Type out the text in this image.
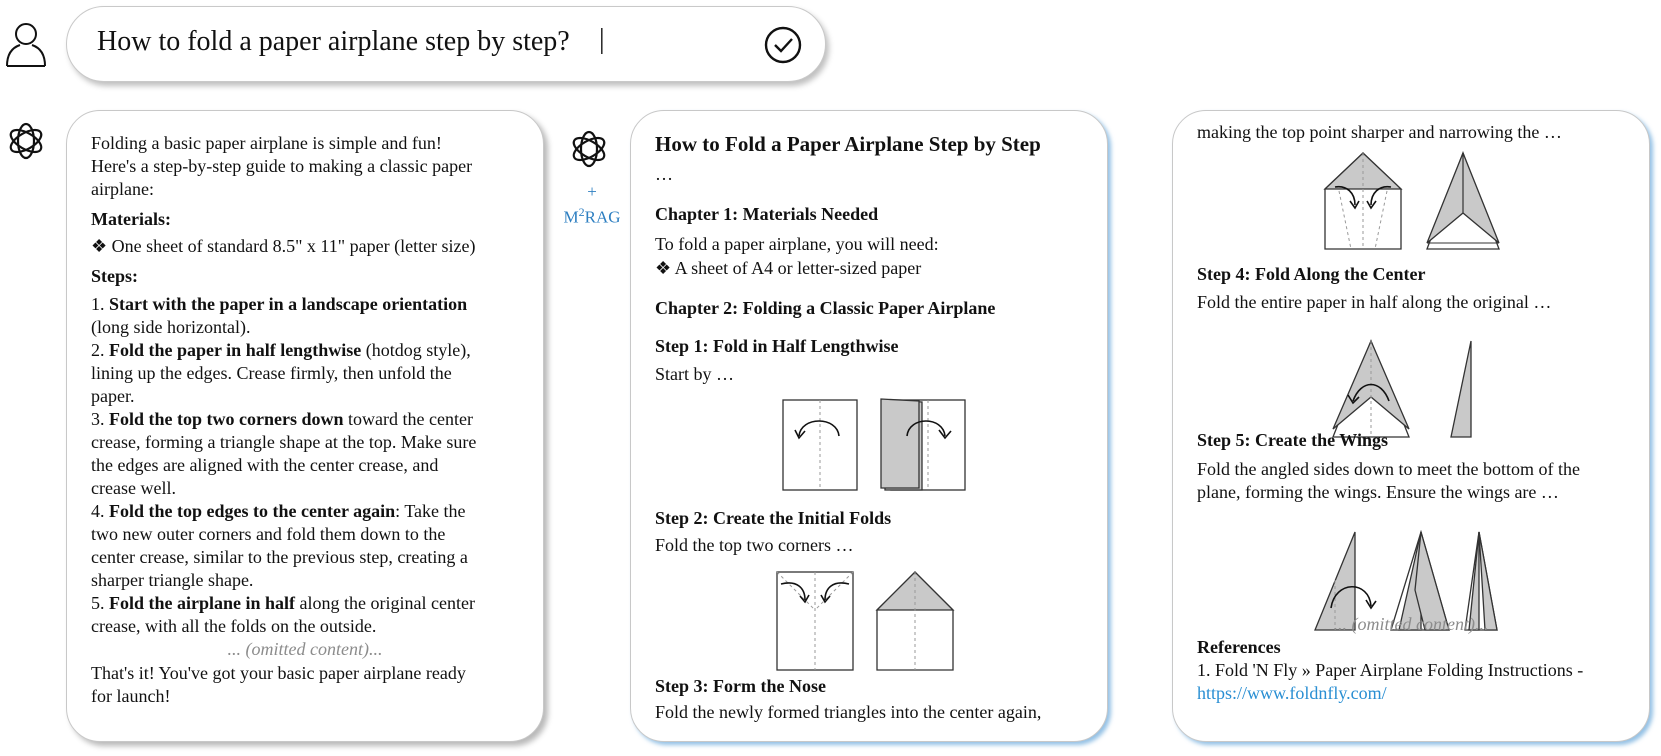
How to fold a paper airplane step by step? |
+
$M^2RAG$
Folding a basic paper airplane is simple and fun!
Here's a step-by-step guide to making a classic paper
airplane:
Materials:
❖ One sheet of standard 8.5" x 11" paper (letter size)
Steps:
1. Start with the paper in a landscape orientation
(long side horizontal).
2. Fold the paper in half lengthwise (hotdog style),
lining up the edges. Crease firmly, then unfold the
paper.
3. Fold the top two corners down toward the center
crease, forming a triangle shape at the top. Make sure
the edges are aligned with the center crease, and
crease well.
4. Fold the top edges to the center again: Take the
two new outer corners and fold them down to the
center crease, similar to the previous step, creating a
sharper triangle shape.
5. Fold the airplane in half along the original center
crease, with all the folds on the outside.
... (omitted content)...
That's it! You've got your basic paper airplane ready
for launch!
How to Fold a Paper Airplane Step by Step
…
Chapter 1: Materials Needed
To fold a paper airplane, you will need:
❖ A sheet of A4 or letter-sized paper
Chapter 2: Folding a Classic Paper Airplane
Step 1: Fold in Half Lengthwise
Start by …
Step 2: Create the Initial Folds
Fold the top two corners …
Step 3: Form the Nose
Fold the newly formed triangles into the center again,
making the top point sharper and narrowing the …
Step 4: Fold Along the Center
Fold the entire paper in half along the original …
Step 5: Create the Wings
Fold the angled sides down to meet the bottom of the
plane, forming the wings. Ensure the wings are …
... (omitted content)...
References
1. Fold 'N Fly » Paper Airplane Folding Instructions -
https://www.foldnfly.com/
